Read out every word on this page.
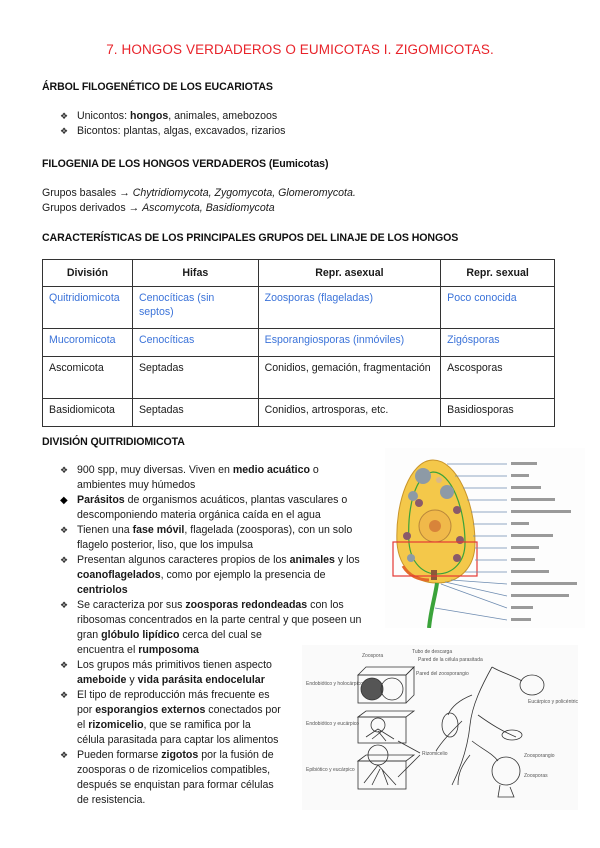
7. HONGOS VERDADEROS O EUMICOTAS I. ZIGOMICOTAS.
ÁRBOL FILOGENÉTICO DE LOS EUCARIOTAS
❖ Unicontos: hongos, animales, amebozoos
❖ Bicontos: plantas, algas, excavados, rizarios
FILOGENIA DE LOS HONGOS VERDADEROS (Eumicotas)
Grupos basales → Chytridiomycota, Zygomycota, Glomeromycota.
Grupos derivados → Ascomycota, Basidiomycota
CARACTERÍSTICAS DE LOS PRINCIPALES GRUPOS DEL LINAJE DE LOS HONGOS
División	Hifas	Repr. asexual	Repr. sexual
Quitridiomicota	Cenocíticas (sin septos)	Zoosporas (flageladas)	Poco conocida
Mucoromicota	Cenocíticas	Esporangiosporas (inmóviles)	Zigósporas
Ascomicota	Septadas	Conidios, gemación, fragmentación	Ascosporas
Basidiomicota	Septadas	Conidios, artrosporas, etc.	Basidiosporas
DIVISIÓN QUITRIDIOMICOTA
❖ 900 spp, muy diversas. Viven en medio acuático o
ambientes muy húmedos
◆ Parásitos de organismos acuáticos, plantas vasculares o
descomponiendo materia orgánica caída en el agua
❖ Tienen una fase móvil, flagelada (zoosporas), con un solo
flagelo posterior, liso, que los impulsa
❖ Presentan algunos caracteres propios de los animales y los
coanoflagelados, como por ejemplo la presencia de
centriolos
❖ Se caracteriza por sus zoosporas redondeadas con los
ribosomas concentrados en la parte central y que poseen un
gran glóbulo lipídico cerca del cual se
encuentra el rumposoma
❖ Los grupos más primitivos tienen aspecto
ameboide y vida parásita endocelular
❖ El tipo de reproducción más frecuente es
por esporangios externos conectados por
el rizomicelio, que se ramifica por la
célula parasitada para captar los alimentos
❖ Pueden formarse zigotos por la fusión de
zoosporas o de rizomicelios compatibles,
después se enquistan para formar células
de resistencia.
Zoospora
Tubo de descarga
Pared de la célula parasitada
Pared del zoosporangio
Endobiótico y holocárpico
Endobiótico y eucárpico
Epibiótico y eucárpico
Rizomicelio
Eucárpico y policéntrico
Zoosporangio
Zoosporas
